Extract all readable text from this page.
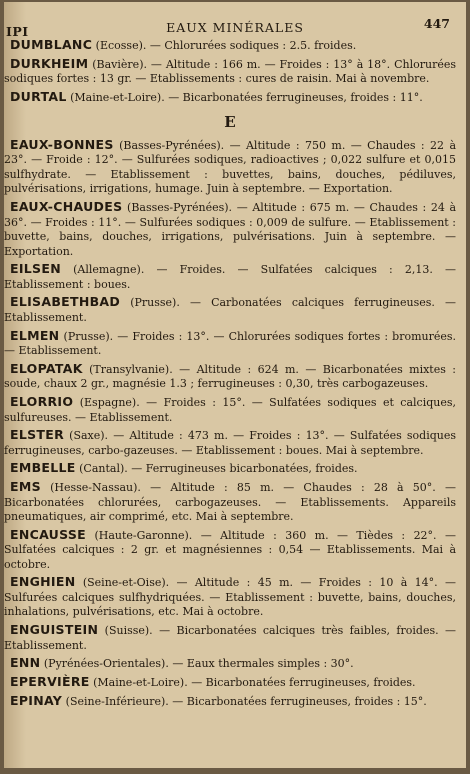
IPI	EAUX MINÉRALES	447

DUMBLANC (Ecosse). — Chlorurées sodiques : 2.5. froides.

DURKHEIM (Bavière). — Altitude : 166 m. — Froides : 13° à 18°. Chlorurées sodiques fortes : 13 gr. — Etablissements : cures de raisin. Mai à novembre.

DURTAL (Maine-et-Loire). — Bicarbonatées ferrugineuses, froides : 11°.

E

EAUX-BONNES (Basses-Pyrénées). — Altitude : 750 m. — Chaudes : 22 à 23°. — Froide : 12°. — Sulfurées sodiques, radioactives ; 0,022 sulfure et 0,015 sulfhydrate. — Etablissement : buvettes, bains, douches, pédiluves, pulvérisations, irrigations, humage. Juin à septembre. — Exportation.

EAUX-CHAUDES (Basses-Pyrénées). — Altitude : 675 m. — Chaudes : 24 à 36°. — Froides : 11°. — Sulfurées sodiques : 0,009 de sulfure. — Etablissement : buvette, bains, douches, irrigations, pulvérisations. Juin à septembre. — Exportation.

EILSEN (Allemagne). — Froides. — Sulfatées calciques : 2,13. — Etablissement : boues.

ELISABETHBAD (Prusse). — Carbonatées calciques ferrugineuses. — Etablissement.

ELMEN (Prusse). — Froides : 13°. — Chlorurées sodiques fortes : bromurées. — Etablissement.

ELOPATAK (Transylvanie). — Altitude : 624 m. — Bicarbonatées mixtes : soude, chaux 2 gr., magnésie 1.3 ; ferrugineuses : 0,30, très carbogazeuses.

ELORRIO (Espagne). — Froides : 15°. — Sulfatées sodiques et calciques, sulfureuses. — Etablissement.

ELSTER (Saxe). — Altitude : 473 m. — Froides : 13°. — Sulfatées sodiques ferrugineuses, carbo-gazeuses. — Etablissement : boues. Mai à septembre.

EMBELLE (Cantal). — Ferrugineuses bicarbonatées, froides.

EMS (Hesse-Nassau). — Altitude : 85 m. — Chaudes : 28 à 50°. — Bicarbonatées chlorurées, carbogazeuses. — Etablissements. Appareils pneumatiques, air comprimé, etc. Mai à septembre.

ENCAUSSE (Haute-Garonne). — Altitude : 360 m. — Tièdes : 22°. — Sulfatées calciques : 2 gr. et magnésiennes : 0,54 — Etablissements. Mai à octobre.

ENGHIEN (Seine-et-Oise). — Altitude : 45 m. — Froides : 10 à 14°. — Sulfurées calciques sulfhydriquées. — Etablissement : buvette, bains, douches, inhalations, pulvérisations, etc. Mai à octobre.

ENGUISTEIN (Suisse). — Bicarbonatées calciques très faibles, froides. — Etablissement.

ENN (Pyrénées-Orientales). — Eaux thermales simples : 30°.

EPERVIÈRE (Maine-et-Loire). — Bicarbonatées ferrugineuses, froides.

EPINAY (Seine-Inférieure). — Bicarbonatées ferrugineuses, froides : 15°.
